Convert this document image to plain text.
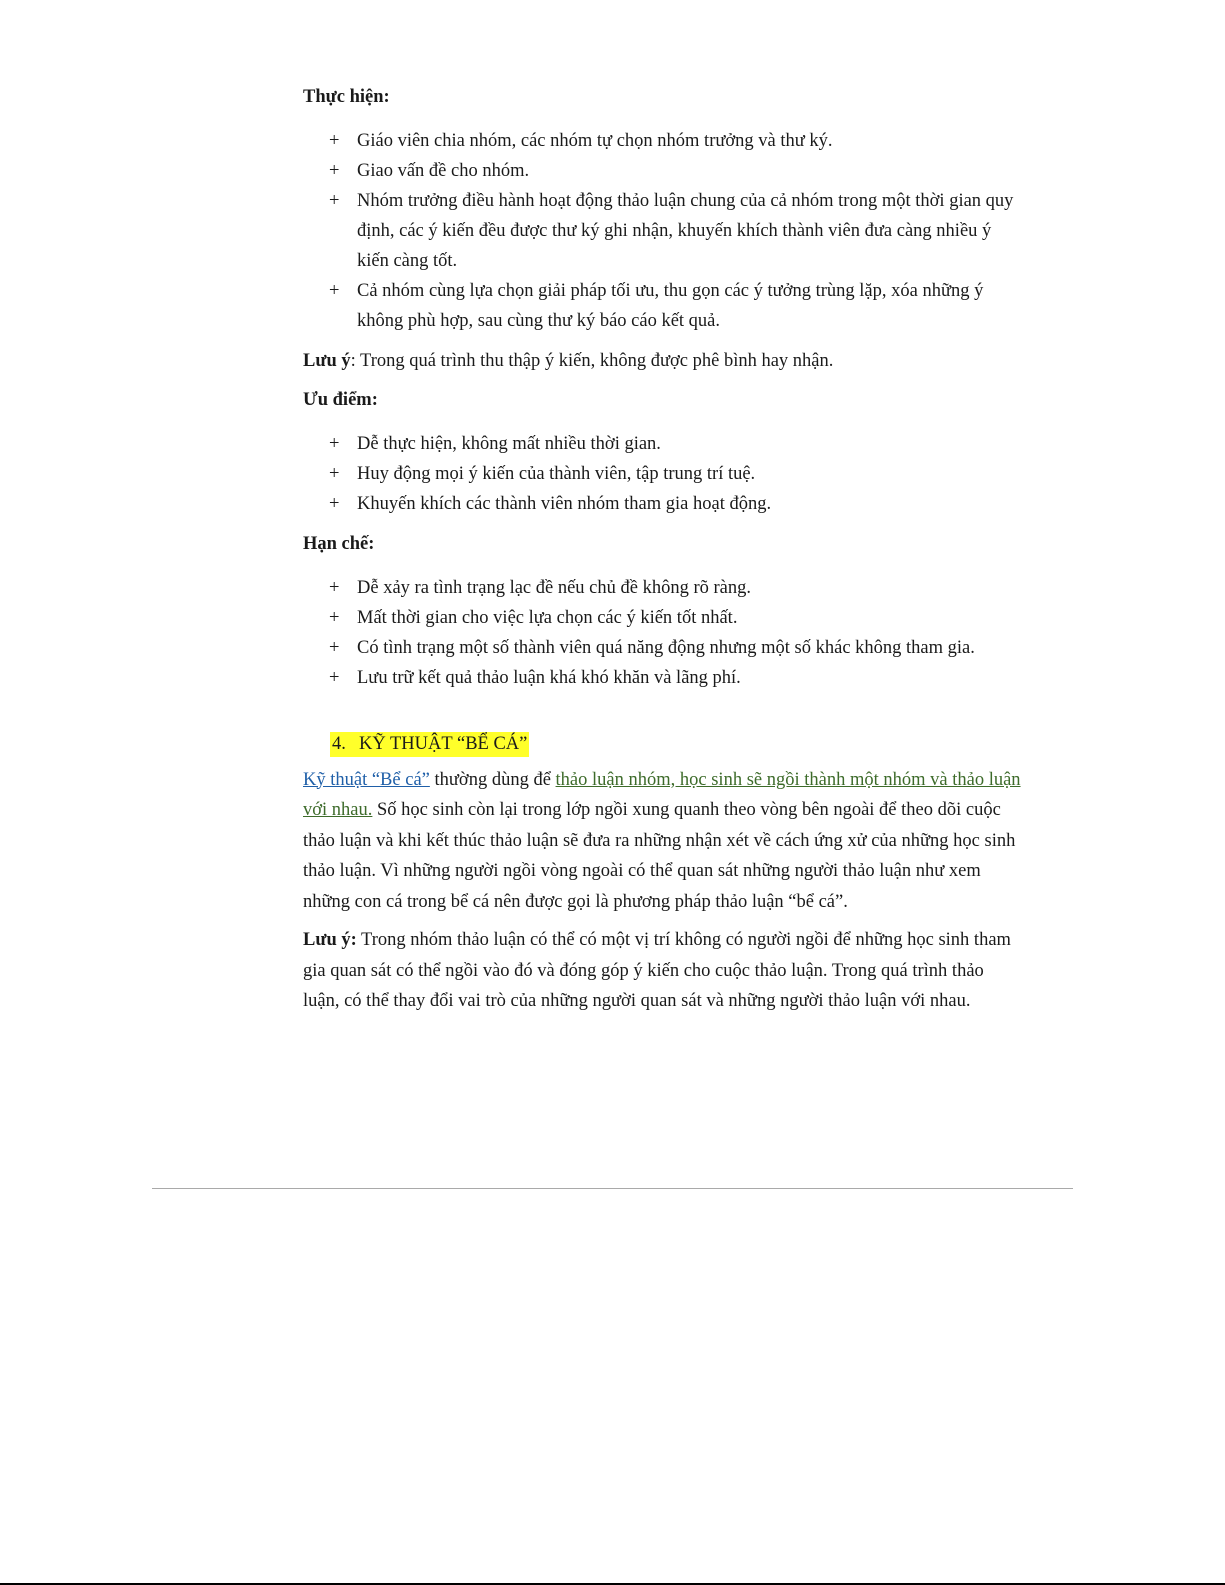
Thực hiện:
+ Giáo viên chia nhóm, các nhóm tự chọn nhóm trưởng và thư ký.
+ Giao vấn đề cho nhóm.
+ Nhóm trưởng điều hành hoạt động thảo luận chung của cả nhóm trong một thời gian quy định, các ý kiến đều được thư ký ghi nhận, khuyến khích thành viên đưa càng nhiều ý kiến càng tốt.
+ Cả nhóm cùng lựa chọn giải pháp tối ưu, thu gọn các ý tưởng trùng lặp, xóa những ý không phù hợp, sau cùng thư ký báo cáo kết quả.
Lưu ý: Trong quá trình thu thập ý kiến, không được phê bình hay nhận.
Ưu điểm:
+ Dễ thực hiện, không mất nhiều thời gian.
+ Huy động mọi ý kiến của thành viên, tập trung trí tuệ.
+ Khuyến khích các thành viên nhóm tham gia hoạt động.
Hạn chế:
+ Dễ xảy ra tình trạng lạc đề nếu chủ đề không rõ ràng.
+ Mất thời gian cho việc lựa chọn các ý kiến tốt nhất.
+ Có tình trạng một số thành viên quá năng động nhưng một số khác không tham gia.
+ Lưu trữ kết quả thảo luận khá khó khăn và lãng phí.
4. KỸ THUẬT “BỂ CÁ”
Kỹ thuật “Bể cá” thường dùng để thảo luận nhóm, học sinh sẽ ngồi thành một nhóm và thảo luận với nhau. Số học sinh còn lại trong lớp ngồi xung quanh theo vòng bên ngoài để theo dõi cuộc thảo luận và khi kết thúc thảo luận sẽ đưa ra những nhận xét về cách ứng xử của những học sinh thảo luận. Vì những người ngồi vòng ngoài có thể quan sát những người thảo luận như xem những con cá trong bể cá nên được gọi là phương pháp thảo luận “bể cá”.
Lưu ý: Trong nhóm thảo luận có thể có một vị trí không có người ngồi để những học sinh tham gia quan sát có thể ngồi vào đó và đóng góp ý kiến cho cuộc thảo luận. Trong quá trình thảo luận, có thể thay đổi vai trò của những người quan sát và những người thảo luận với nhau.
